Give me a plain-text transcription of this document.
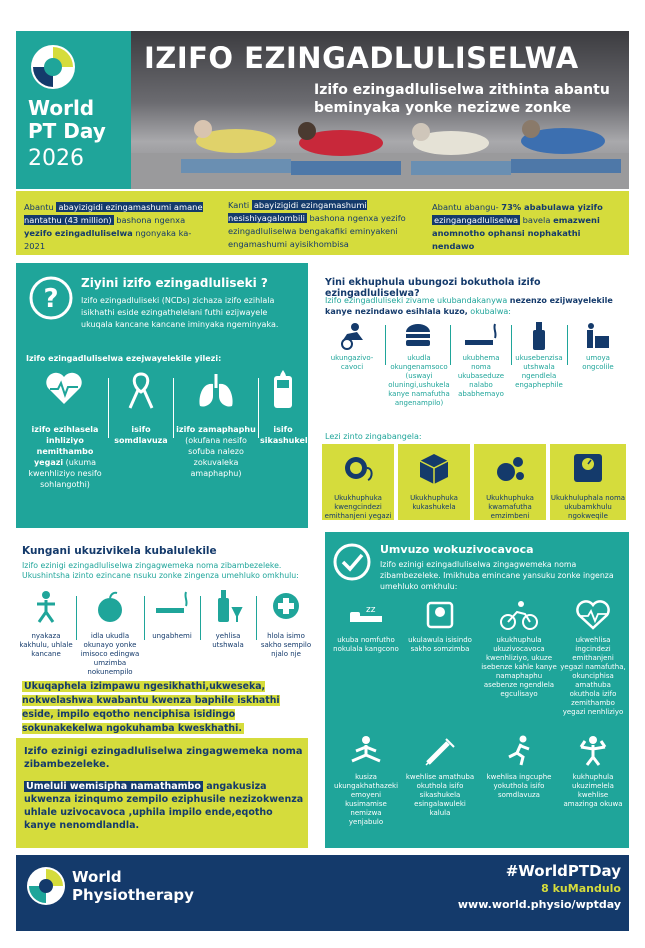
World
PT Day
2026
IZIFO EZINGADLULISELWA
Izifo ezingadluliselwa zithinta abantu
beminyaka yonke nezizwe zonke
Abantu abayizigidi ezingamashumi amane nantathu (43 million) bashona ngenxa yezifo ezingadluliselwa ngonyaka ka-2021
Kanti abayizigidi ezingamashumi nesishiyagalombili bashona ngenxa yezifo ezingadluliselwa bengakafiki eminyakeni engamashumi ayisikhombisa
Abantu abangu- 73% ababulawa yizifo ezingangadluliselwa bavela emazweni anomnotho ophansi nophakathi nendawo
?
Ziyini izifo ezingadluliseki ?
Izifo ezingadluliseki (NCDs) zichaza izifo ezihlala isikhathi eside ezingathelelani futhi ezijwayele ukuqala kancane kancane iminyaka ngeminyaka.
Izifo ezingadluliselwa ezejwayelekile yilezi:
izifo ezihlasela inhliziyo nemithambo yegazi (ukuma kwenhliziyo nesifo sohlangothi)
isifo somdlavuza
izifo zamaphaphu
(okufana nesifo sofuba nalezo zokuvaleka amaphaphu)
isifo sikashukela
Yini ekhuphula ubungozi bokuthola izifo ezingadluliselwa?
Izifo ezingadluliseki zivame ukubandakanywa nezenzo ezijwayelekile kanye nezindawo esihlala kuzo, okubalwa:
ukungazivo-cavoci
ukudla okungenamsoco (uswayi oluningi,ushukela kanye namafutha angenampilo)
ukubhema noma ukubaseduze nalabo ababhemayo
ukusebenzisa utshwala ngendlela engaphephile
umoya ongcolile
Lezi zinto zingabangela:
Ukukhuphuka kwengcindezi emithanjeni yegazi
Ukukhuphuka kukashukela
Ukukhuphuka kwamafutha emzimbeni
Ukukhuluphala noma ukubamkhulu ngokweqile
Kungani ukuzivikela kubalulekile
Izifo ezinigi ezingadluliselwa zingagwemeka noma zibambezeleke. Ukushintsha izinto ezincane nsuku zonke zingenza umehluko omkhulu:
nyakaza kakhulu, uhlale kancane
idla ukudla okunayo yonke imisoco edingwa umzimba nokunempilo
ungabhemi	yehlisa utshwala
hlola isimo sakho sempilo njalo nje
Ukuqaphela izimpawu ngesikhathi,ukweseka, nokwelashwa kwabantu kwenza baphile iskhathi eside, impilo eqotho nenciphisa isidingo sokunakekelwa ngokuhamba kweskhathi.
Izifo ezinigi ezingadluliselwa zingagwemeka noma zibambezeleke.
Umeluli wemisipha namathambo angakusiza ukwenza izinqumo zempilo eziphusile nezizokwenza uhlale uzivocavoca ,uphila impilo ende,eqotho kanye nenomdlandla.
Umvuzo wokuzivocavoca
Izifo ezinigi ezingadluliselwa zingagwemeka noma zibambezeleke. Imikhuba emincane yansuku zonke ingenza umehluko omkhulu:
zz
ukuba nomfutho nokulala kangcono
ukulawula isisindo sakho somzimba
ukukhuphula ukuzivocavoca kwenhliziyo, ukuze isebenze kahle kanye namaphaphu asebenze ngendlela egculisayo
ukwehlisa ingcindezi emithanjeni yegazi namafutha, okunciphisa amathuba okuthola izifo zemithambo yegazi nenhliziyo
kusiza ukungakhathazeki emoyeni kusimamise nemizwa yenjabulo
kwehlise amathuba okuthola isifo sikashukela esingalawuleki kalula
kwehlisa ingcuphe yokuthola isifo somdlavuza
kukhuphula ukuzimelela kwehlise amazinga okuwa
World
Physiotherapy
#WorldPTDay
8 kuMandulo
www.world.physio/wptday
